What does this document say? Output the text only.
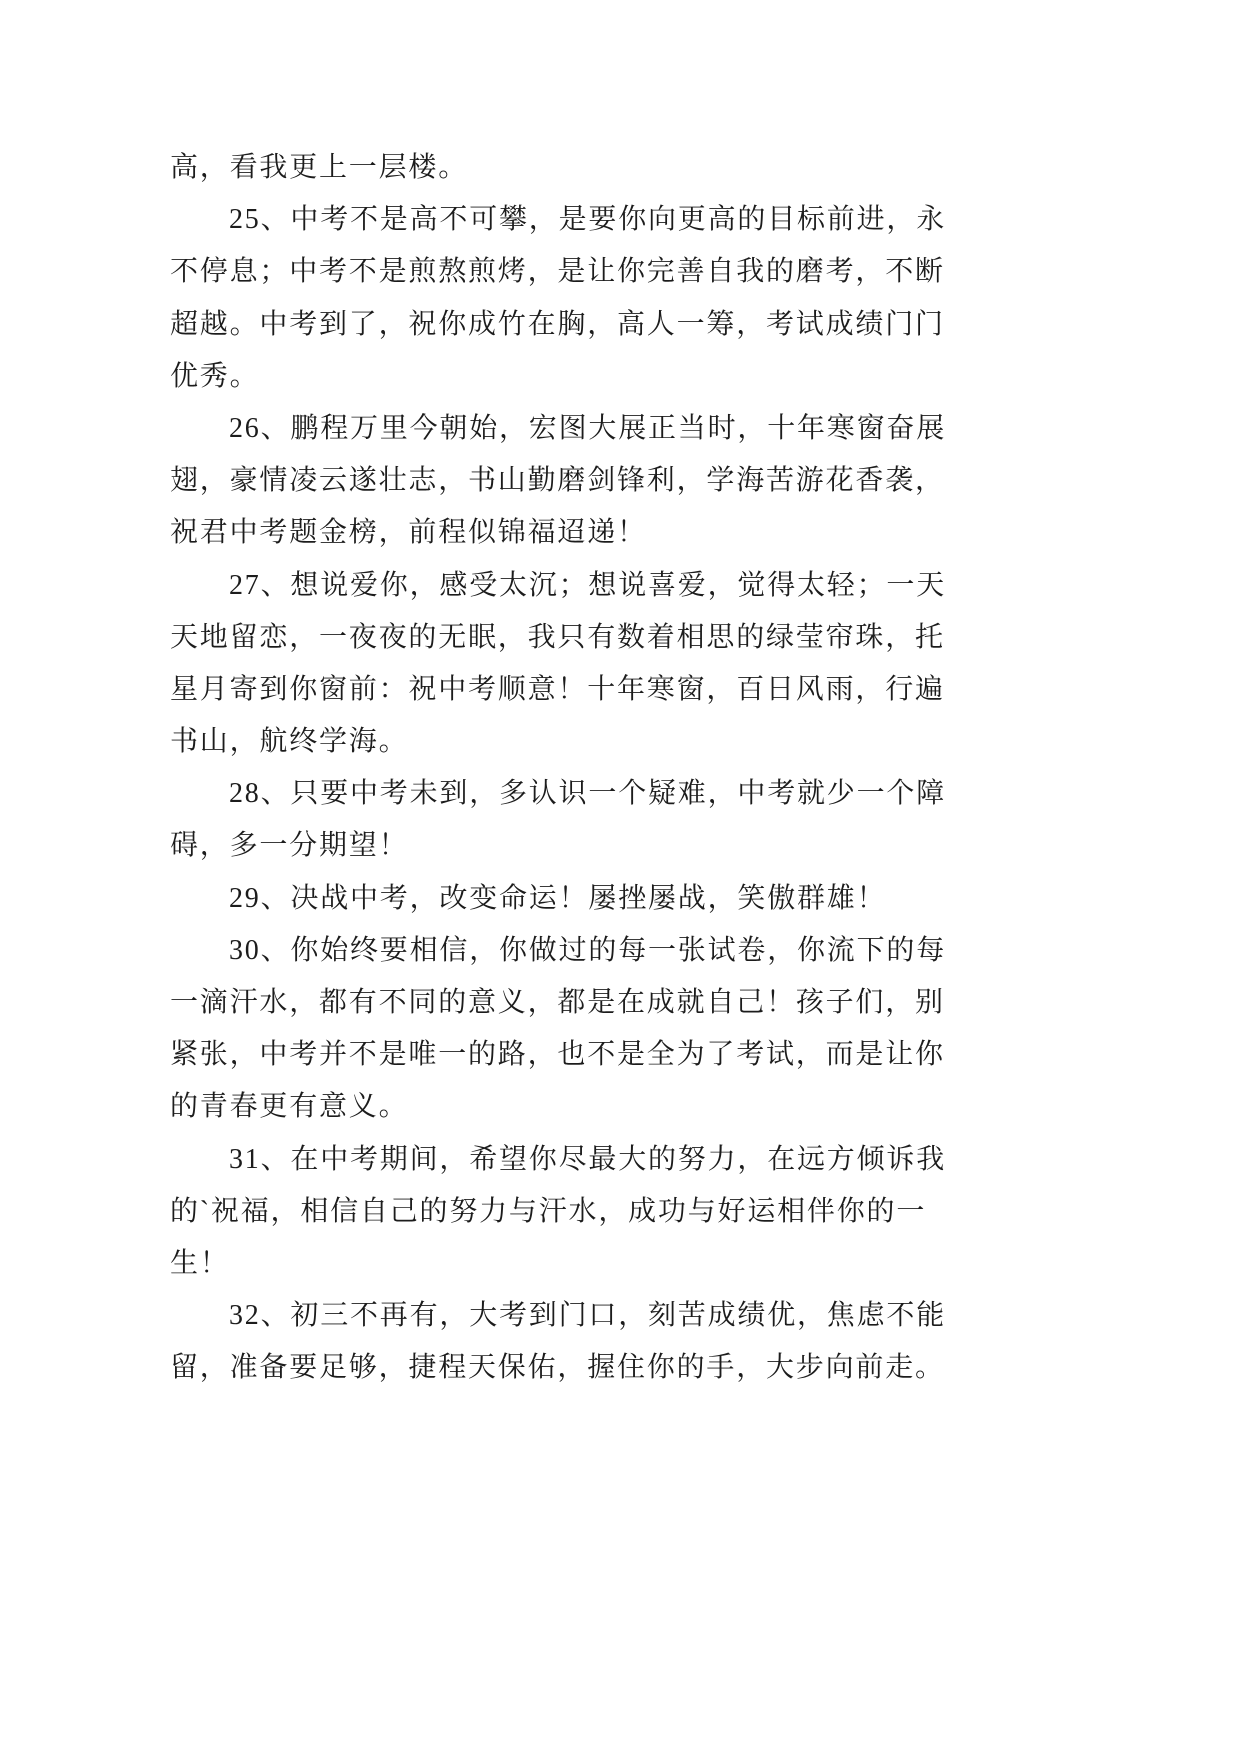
高，看我更上一层楼。
25、中考不是高不可攀，是要你向更高的目标前进，永
不停息；中考不是煎熬煎烤，是让你完善自我的磨考，不断
超越。中考到了，祝你成竹在胸，高人一筹，考试成绩门门
优秀。
26、鹏程万里今朝始，宏图大展正当时，十年寒窗奋展
翅，豪情凌云遂壮志，书山勤磨剑锋利，学海苦游花香袭，
祝君中考题金榜，前程似锦福迢递！
27、想说爱你，感受太沉；想说喜爱，觉得太轻；一天
天地留恋，一夜夜的无眠，我只有数着相思的绿莹帘珠，托
星月寄到你窗前：祝中考顺意！十年寒窗，百日风雨，行遍
书山，航终学海。
28、只要中考未到，多认识一个疑难，中考就少一个障
碍，多一分期望！
29、决战中考，改变命运！屡挫屡战，笑傲群雄！
30、你始终要相信，你做过的每一张试卷，你流下的每
一滴汗水，都有不同的意义，都是在成就自己！孩子们，别
紧张，中考并不是唯一的路，也不是全为了考试，而是让你
的青春更有意义。
31、在中考期间，希望你尽最大的努力，在远方倾诉我
的`祝福，相信自己的努力与汗水，成功与好运相伴你的一
生！
32、初三不再有，大考到门口，刻苦成绩优，焦虑不能
留，准备要足够，捷程天保佑，握住你的手，大步向前走。
